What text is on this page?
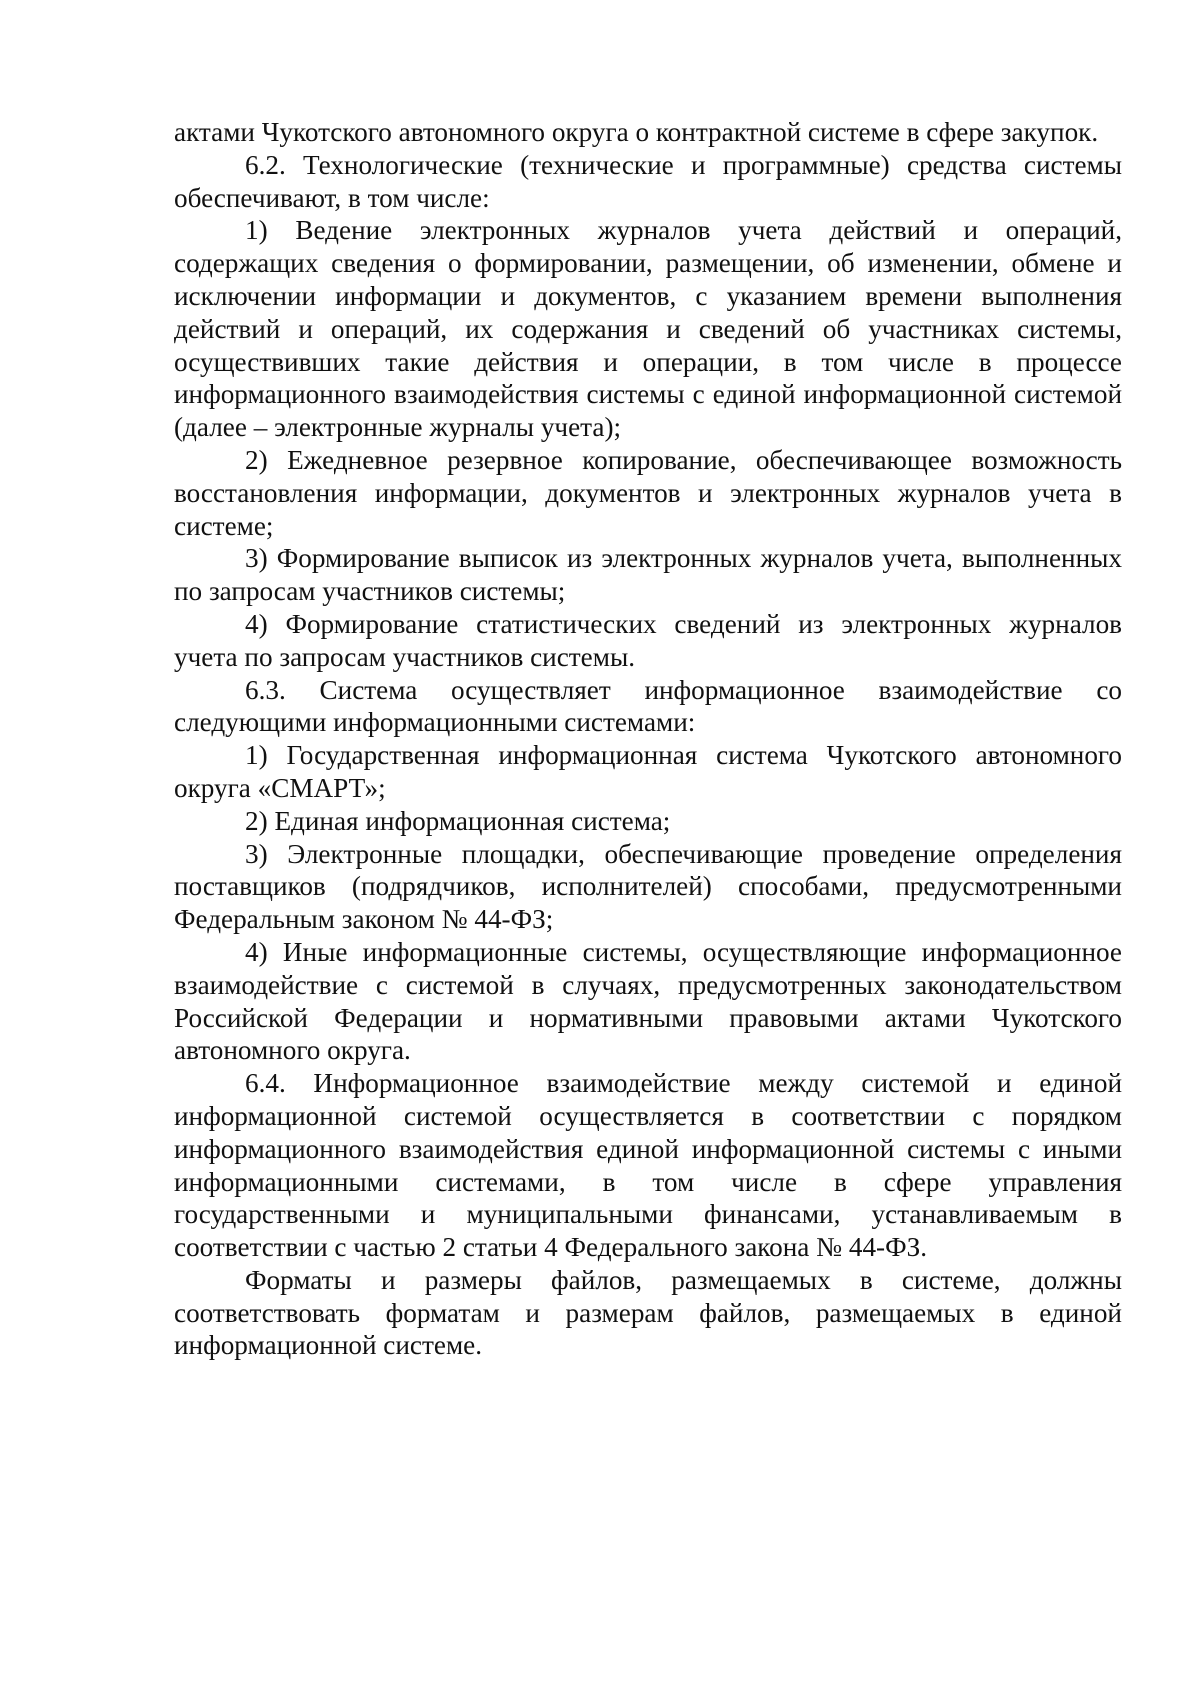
актами Чукотского автономного округа о контрактной системе в сфере закупок.

6.2. Технологические (технические и программные) средства системы обеспечивают, в том числе:

1) Ведение электронных журналов учета действий и операций, содержащих сведения о формировании, размещении, об изменении, обмене и исключении информации и документов, с указанием времени выполнения действий и операций, их содержания и сведений об участниках системы, осуществивших такие действия и операции, в том числе в процессе информационного взаимодействия системы с единой информационной системой (далее – электронные журналы учета);

2) Ежедневное резервное копирование, обеспечивающее возможность восстановления информации, документов и электронных журналов учета в системе;

3) Формирование выписок из электронных журналов учета, выполненных по запросам участников системы;

4) Формирование статистических сведений из электронных журналов учета по запросам участников системы.

6.3. Система осуществляет информационное взаимодействие со следующими информационными системами:

1) Государственная информационная система Чукотского автономного округа «СМАРТ»;

2) Единая информационная система;

3) Электронные площадки, обеспечивающие проведение определения поставщиков (подрядчиков, исполнителей) способами, предусмотренными Федеральным законом № 44-ФЗ;

4) Иные информационные системы, осуществляющие информационное взаимодействие с системой в случаях, предусмотренных законодательством Российской Федерации и нормативными правовыми актами Чукотского автономного округа.

6.4. Информационное взаимодействие между системой и единой информационной системой осуществляется в соответствии с порядком информационного взаимодействия единой информационной системы с иными информационными системами, в том числе в сфере управления государственными и муниципальными финансами, устанавливаемым в соответствии с частью 2 статьи 4 Федерального закона № 44-ФЗ.

Форматы и размеры файлов, размещаемых в системе, должны соответствовать форматам и размерам файлов, размещаемых в единой информационной системе.
